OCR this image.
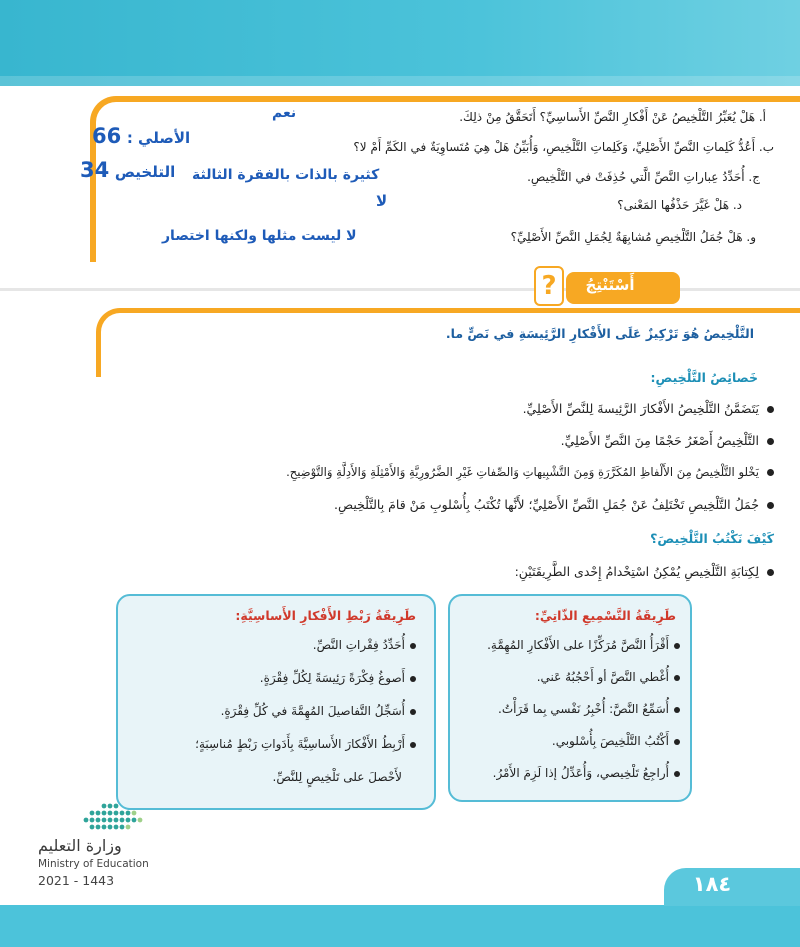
أ. هَلْ يُعَبِّرُ التَّلْخِيصُ عَنْ أَفْكارِ النَّصِّ الأَساسِيِّ؟ أَتَحَقَّقُ مِنْ ذلِكَ.
نعم
ب. أَعُدُّ كَلِماتِ النَّصِّ الأَصْلِيِّ، وَكَلِماتِ التَّلْخِيصِ، وَأُبَيِّنُ هَلْ هِيَ مُتَساوِيَةٌ في الكَمِّ أَمْ لا؟
ج. أُحَدِّدُ عِباراتِ النَّصِّ الَّتي حُذِفَتْ في التَّلْخِيصِ.
كثيرة بالذات بالفقرة الثالثة
د. هَلْ غَيَّرَ حَذْفُها المَعْنى؟
لا
و. هَلْ جُمَلُ التَّلْخِيصِ مُشابِهَةٌ لِجُمَلِ النَّصِّ الأَصْلِيِّ؟
لا ليست مثلها ولكنها اختصار
الأصلي : 66
التلخيص 34
أَسْتَنْتِجُ
?
التَّلْخِيصُ هُوَ تَرْكِيزٌ عَلَى الأَفْكارِ الرَّئِيسَةِ في نَصٍّ ما.
خَصائِصُ التَّلْخِيصِ:
يَتَضَمَّنُ التَّلْخِيصُ الأَفْكارَ الرَّئِيسةَ لِلنَّصِّ الأَصْلِيِّ.
التَّلْخِيصُ أَصْغَرُ حَجْمًا مِنَ النَّصِّ الأَصْلِيِّ.
يَخْلو التَّلْخِيصُ مِنَ الأَلْفاظِ المُكَرَّرَةِ وَمِنَ التَّشْبِيهاتِ وَالصِّفاتِ غَيْرِ الضَّرُورِيَّةِ وَالأَمْثِلَةِ وَالأَدِلَّةِ وَالتَّوْضِيحِ.
جُمَلُ التَّلْخِيصِ تَخْتَلِفُ عَنْ جُمَلِ النَّصِّ الأَصْلِيِّ؛ لأَنَّها تُكْتَبُ بِأُسْلوبِ مَنْ قامَ بِالتَّلْخِيصِ.
كَيْفَ نَكْتُبُ التَّلْخِيصَ؟
لِكِتابَةِ التَّلْخِيصِ يُمْكِنُ اسْتِخْدامُ إِحْدى الطَّرِيقَتَيْنِ:
طَرِيقَةُ رَبْطِ الأَفْكارِ الأَساسِيَّةِ:
أُحَدِّدُ فِقْراتِ النَّصِّ.
أَصوغُ فِكْرَةً رَئِيسَةً لِكُلِّ فِقْرَةٍ.
أُسَجِّلُ التَّفاصيلَ المُهِمَّةَ في كُلِّ فِقْرَةٍ.
أَرْبِطُ الأَفْكارَ الأَساسِيَّةَ بِأَدَواتِ رَبْطٍ مُناسِبَةٍ؛
لأَحْصلَ على تَلْخِيصٍ لِلنَّصِّ.
طَرِيقَةُ التَّسْمِيعِ الذّاتِيِّ:
أَقْرَأُ النَّصَّ مُرَكِّزًا على الأَفْكارِ المُهِمَّةِ.
أُغْطي النَّصَّ أو أَحْجُبُهُ عَني.
أُسَمِّعُ النَّصَّ: أُخْبِرُ نَفْسي بِما قَرَأْتُ.
أَكْتُبُ التَّلْخِيصَ بِأُسْلوبي.
أُراجِعُ تَلْخِيصي، وَأُعَدِّلُ إذا لَزِمَ الأَمْرُ.
وزارة التعليم
Ministry of Education
2021 - 1443	١٨٤
